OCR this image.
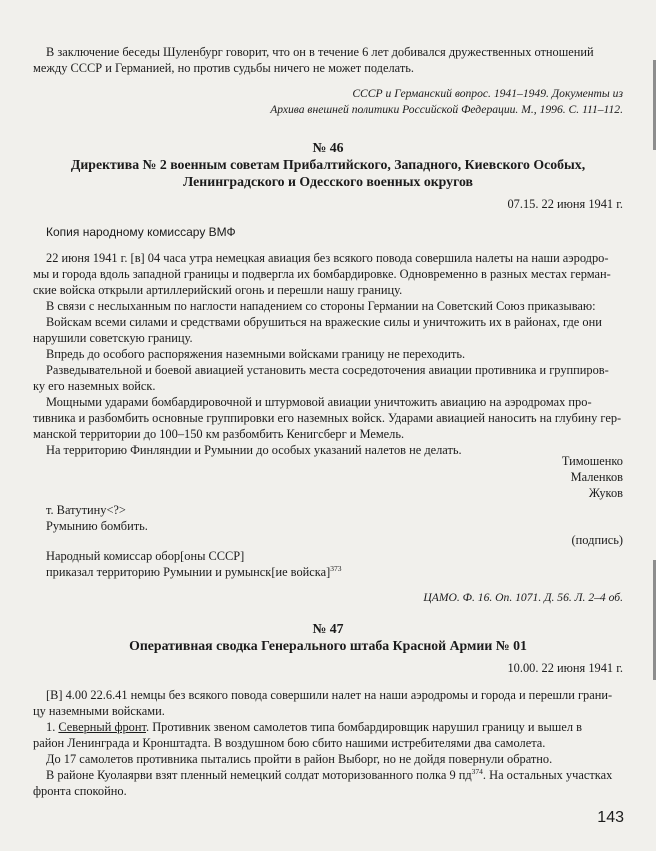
В заключение беседы Шуленбург говорит, что он в течение 6 лет добивался дружественных отношений
между СССР и Германией, но против судьбы ничего не может поделать.
СССР и Германский вопрос. 1941–1949. Документы из
Архива внешней политики Российской Федерации. М., 1996. С. 111–112.
№ 46
Директива № 2 военным советам Прибалтийского, Западного, Киевского Особых,
Ленинградского и Одесского военных округов
07.15. 22 июня 1941 г.
Копия народному комиссару ВМФ
22 июня 1941 г. [в] 04 часа утра немецкая авиация без всякого повода совершила налеты на наши аэродро-
мы и города вдоль западной границы и подвергла их бомбардировке. Одновременно в разных местах герман-
ские войска открыли артиллерийский огонь и перешли нашу границу.
В связи с неслыханным по наглости нападением со стороны Германии на Советский Союз приказываю:
Войскам всеми силами и средствами обрушиться на вражеские силы и уничтожить их в районах, где они
нарушили советскую границу.
Впредь до особого распоряжения наземными войсками границу не переходить.
Разведывательной и боевой авиацией установить места сосредоточения авиации противника и группиров-
ку его наземных войск.
Мощными ударами бомбардировочной и штурмовой авиации уничтожить авиацию на аэродромах про-
тивника и разбомбить основные группировки его наземных войск. Ударами авиацией наносить на глубину гер-
манской территории до 100–150 км разбомбить Кенигсберг и Мемель.
На территорию Финляндии и Румынии до особых указаний налетов не делать.
Тимошенко
Маленков
Жуков
т. Ватутину<?>
Румынию бомбить.
(подпись)
Народный комиссар обор[оны СССР]
приказал территорию Румынии и румынск[ие войска]$^{373}$
ЦАМО. Ф. 16. Оп. 1071. Д. 56. Л. 2–4 об.
№ 47
Оперативная сводка Генерального штаба Красной Армии № 01
10.00. 22 июня 1941 г.
[В] 4.00 22.6.41 немцы без всякого повода совершили налет на наши аэродромы и города и перешли грани-
цу наземными войсками.
1. Северный фронт. Противник звеном самолетов типа бомбардировщик нарушил границу и вышел в
район Ленинграда и Кронштадта. В воздушном бою сбито нашими истребителями два самолета.
До 17 самолетов противника пытались пройти в район Выборг, но не дойдя повернули обратно.
В районе Куолаярви взят пленный немецкий солдат моторизованного полка 9 $пд^{374}$. На остальных участках
фронта спокойно.
143
